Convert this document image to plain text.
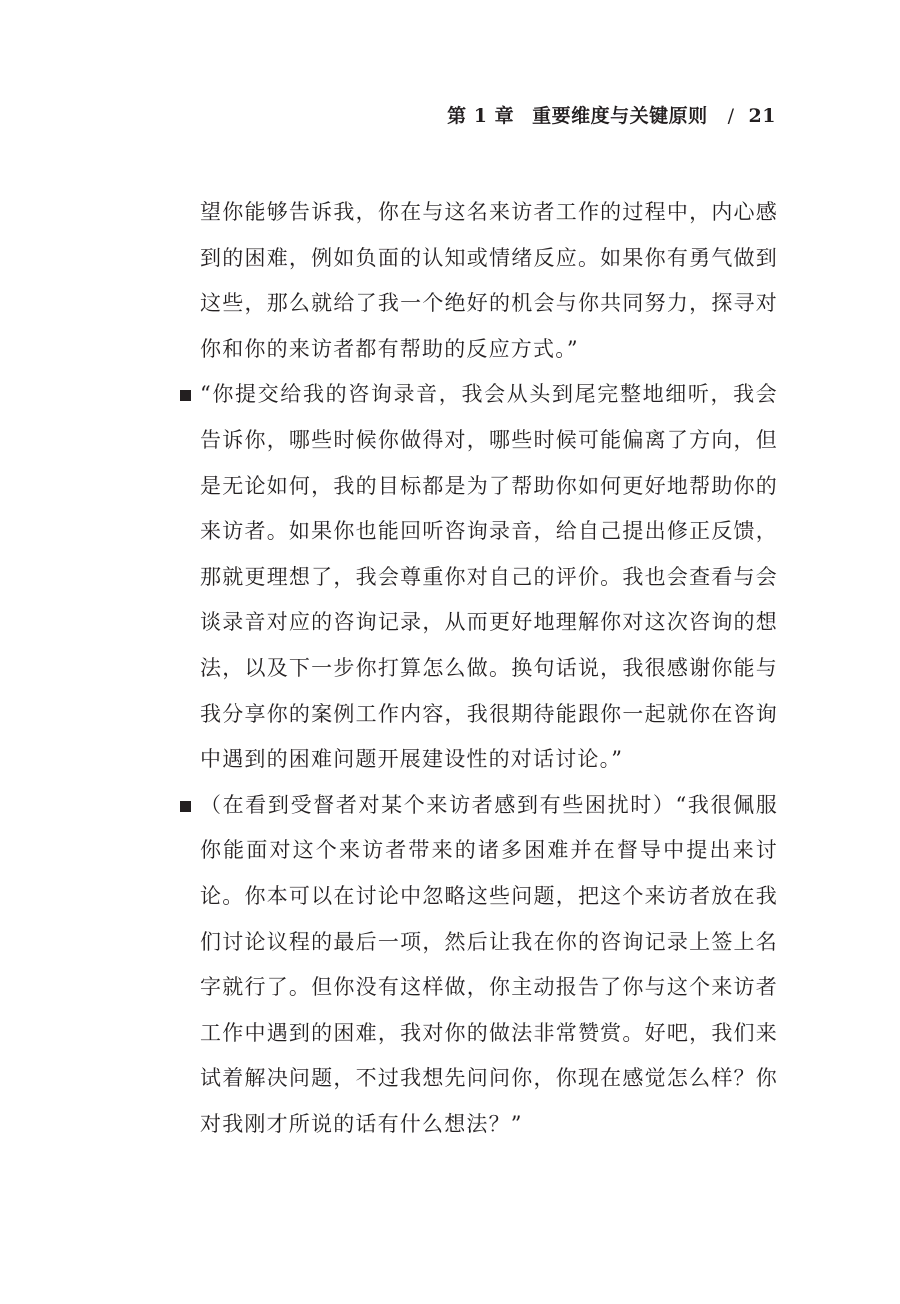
第 1 章 重要维度与关键原则 / 21

望你能够告诉我，你在与这名来访者工作的过程中，内心感到的困难，例如负面的认知或情绪反应。如果你有勇气做到这些，那么就给了我一个绝好的机会与你共同努力，探寻对你和你的来访者都有帮助的反应方式。”

“你提交给我的咨询录音，我会从头到尾完整地细听，我会告诉你，哪些时候你做得对，哪些时候可能偏离了方向，但是无论如何，我的目标都是为了帮助你如何更好地帮助你的来访者。如果你也能回听咨询录音，给自己提出修正反馈，那就更理想了，我会尊重你对自己的评价。我也会查看与会谈录音对应的咨询记录，从而更好地理解你对这次咨询的想法，以及下一步你打算怎么做。换句话说，我很感谢你能与我分享你的案例工作内容，我很期待能跟你一起就你在咨询中遇到的困难问题开展建设性的对话讨论。”

（在看到受督者对某个来访者感到有些困扰时）“我很佩服你能面对这个来访者带来的诸多困难并在督导中提出来讨论。你本可以在讨论中忽略这些问题，把这个来访者放在我们讨论议程的最后一项，然后让我在你的咨询记录上签上名字就行了。但你没有这样做，你主动报告了你与这个来访者工作中遇到的困难，我对你的做法非常赞赏。好吧，我们来试着解决问题，不过我想先问问你，你现在感觉怎么样？你对我刚才所说的话有什么想法？”
